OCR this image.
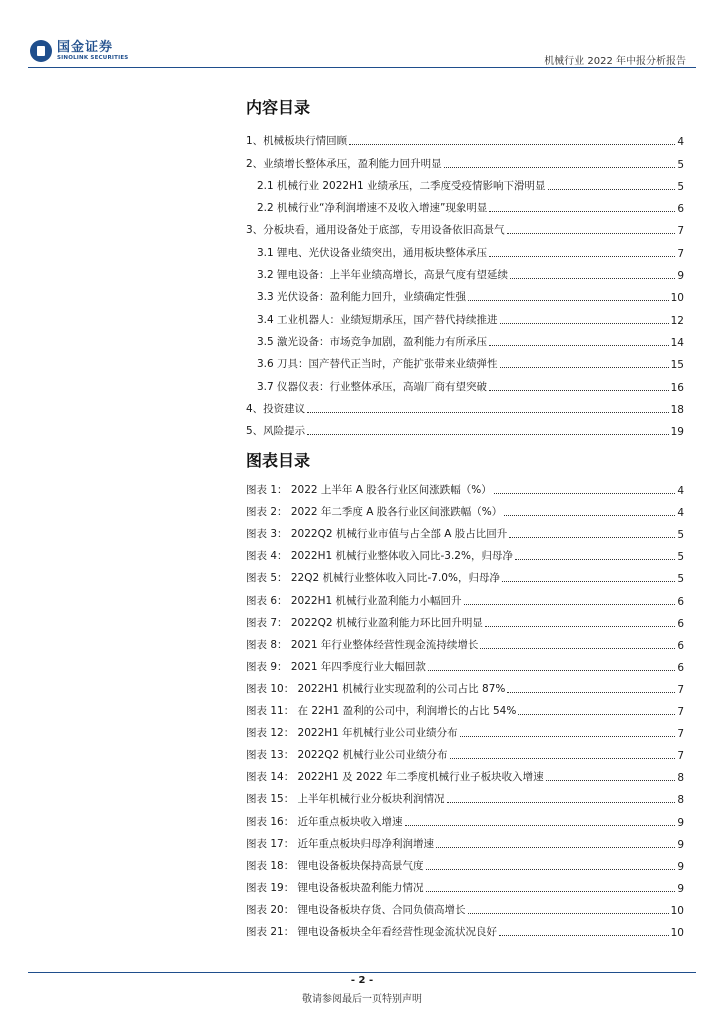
国金证券
SINOLINK SECURITIES	机械行业 2022 年中报分析报告
内容目录
1、机械板块行情回顾	4
2、业绩增长整体承压，盈利能力回升明显	5
2.1 机械行业 2022H1 业绩承压，二季度受疫情影响下滑明显	5
2.2 机械行业“净利润增速不及收入增速”现象明显	6
3、分板块看，通用设备处于底部，专用设备依旧高景气	7
3.1 锂电、光伏设备业绩突出，通用板块整体承压	7
3.2 锂电设备：上半年业绩高增长，高景气度有望延续	9
3.3 光伏设备：盈利能力回升，业绩确定性强	10
3.4 工业机器人：业绩短期承压，国产替代持续推进	12
3.5 激光设备：市场竞争加剧，盈利能力有所承压	14
3.6 刀具：国产替代正当时，产能扩张带来业绩弹性	15
3.7 仪器仪表：行业整体承压，高端厂商有望突破	16
4、投资建议	18
5、风险提示	19
图表目录
图表 1： 2022 上半年 A 股各行业区间涨跌幅（%）	4
图表 2： 2022 年二季度 A 股各行业区间涨跌幅（%）	4
图表 3： 2022Q2 机械行业市值与占全部 A 股占比回升	5
图表 4： 2022H1 机械行业整体收入同比-3.2%，归母净	5
图表 5： 22Q2 机械行业整体收入同比-7.0%，归母净	5
图表 6： 2022H1 机械行业盈利能力小幅回升	6
图表 7： 2022Q2 机械行业盈利能力环比回升明显	6
图表 8： 2021 年行业整体经营性现金流持续增长	6
图表 9： 2021 年四季度行业大幅回款	6
图表 10： 2022H1 机械行业实现盈利的公司占比 87%	7
图表 11： 在 22H1 盈利的公司中，利润增长的占比 54%	7
图表 12： 2022H1 年机械行业公司业绩分布	7
图表 13： 2022Q2 机械行业公司业绩分布	7
图表 14： 2022H1 及 2022 年二季度机械行业子板块收入增速	8
图表 15： 上半年机械行业分板块利润情况	8
图表 16： 近年重点板块收入增速	9
图表 17： 近年重点板块归母净利润增速	9
图表 18： 锂电设备板块保持高景气度	9
图表 19： 锂电设备板块盈利能力情况	9
图表 20： 锂电设备板块存货、合同负债高增长	10
图表 21： 锂电设备板块全年看经营性现金流状况良好	10
- 2 -
敬请参阅最后一页特别声明
